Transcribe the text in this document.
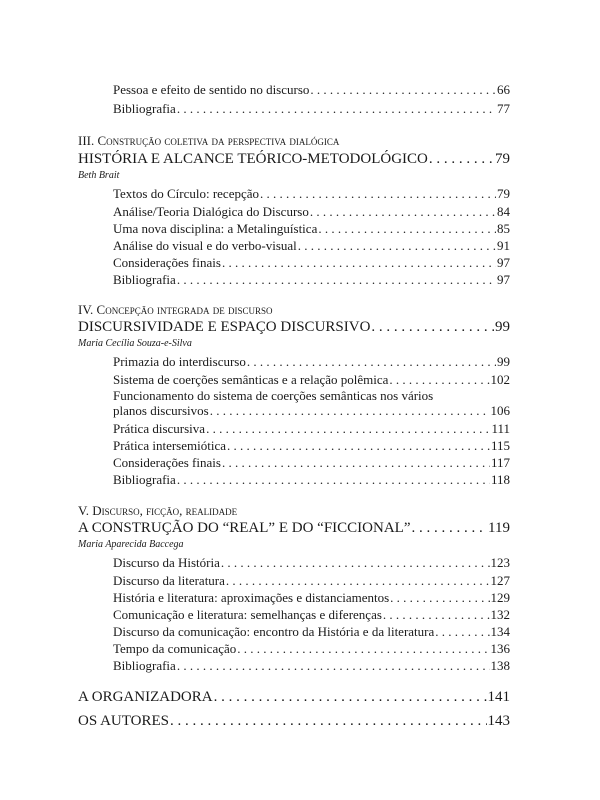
Pessoa e efeito de sentido no discurso . . .	66
Bibliografia . . .	77
III. Construção coletiva da perspectiva dialógica
HISTÓRIA E ALCANCE TEÓRICO-METODOLÓGICO . . .	79
Beth Brait
Textos do Círculo: recepção . . .	79
Análise/Teoria Dialógica do Discurso . . .	84
Uma nova disciplina: a Metalinguística . . .	85
Análise do visual e do verbo-visual . . .	91
Considerações finais . . .	97
Bibliografia . . .	97
IV. Concepção integrada de discurso
DISCURSIVIDADE E ESPAÇO DISCURSIVO . . .	99
Maria Cecília Souza-e-Silva
Primazia do interdiscurso . . .	99
Sistema de coerções semânticas e a relação polêmica . . .	102
Funcionamento do sistema de coerções semânticas nos vários
planos discursivos . . .	106
Prática discursiva . . .	111
Prática intersemiótica . . .	115
Considerações finais . . .	117
Bibliografia . . .	118
V. Discurso, ficção, realidade
A CONSTRUÇÃO DO “REAL” E DO “FICCIONAL” . . .	119
Maria Aparecida Baccega
Discurso da História . . .	123
Discurso da literatura . . .	127
História e literatura: aproximações e distanciamentos . . .	129
Comunicação e literatura: semelhanças e diferenças . . .	132
Discurso da comunicação: encontro da História e da literatura . . .	134
Tempo da comunicação . . .	136
Bibliografia . . .	138
A ORGANIZADORA . . .	141
OS AUTORES . . .	143
